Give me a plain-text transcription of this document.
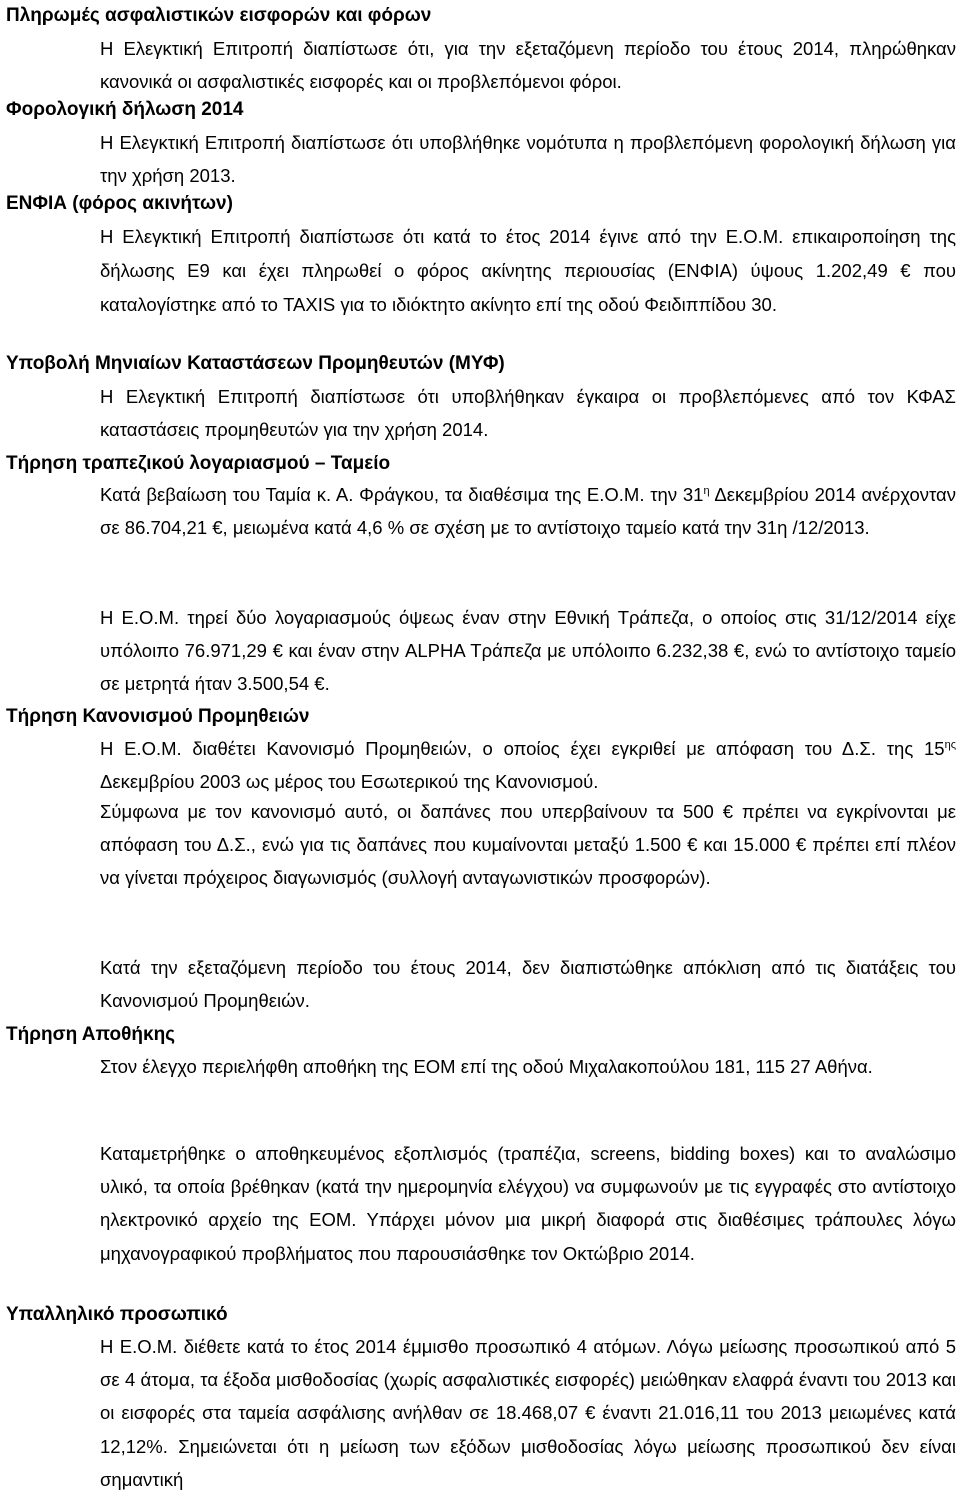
Πληρωμές ασφαλιστικών εισφορών και φόρων
Η Ελεγκτική Επιτροπή διαπίστωσε ότι, για την εξεταζόμενη περίοδο του έτους 2014, πληρώθηκαν κανονικά οι ασφαλιστικές εισφορές και οι προβλεπόμενοι φόροι.
Φορολογική δήλωση 2014
Η Ελεγκτική Επιτροπή διαπίστωσε ότι υποβλήθηκε νομότυπα η προβλεπόμενη φορολογική δήλωση για την χρήση 2013.
ΕΝΦΙΑ (φόρος ακινήτων)
Η Ελεγκτική Επιτροπή διαπίστωσε ότι κατά το έτος 2014 έγινε από την Ε.Ο.Μ. επικαιροποίηση της δήλωσης Ε9 και έχει πληρωθεί ο φόρος ακίνητης περιουσίας (ΕΝΦΙΑ) ύψους 1.202,49 € που καταλογίστηκε από το TAXIS για το ιδιόκτητο ακίνητο επί της οδού Φειδιππίδου 30.
Υποβολή Μηνιαίων Καταστάσεων Προμηθευτών (ΜΥΦ)
Η Ελεγκτική Επιτροπή διαπίστωσε ότι υποβλήθηκαν έγκαιρα οι προβλεπόμενες από τον ΚΦΑΣ καταστάσεις προμηθευτών για την χρήση 2014.
Τήρηση τραπεζικού λογαριασμού – Ταμείο
Κατά βεβαίωση του Ταμία κ. Α. Φράγκου, τα διαθέσιμα της Ε.Ο.Μ. την $31^\eta$ Δεκεμβρίου 2014 ανέρχονταν σε 86.704,21 €, μειωμένα κατά 4,6 % σε σχέση με το αντίστοιχο ταμείο κατά την 31η /12/2013.
Η Ε.Ο.Μ. τηρεί δύο λογαριασμούς όψεως έναν στην Εθνική Τράπεζα, ο οποίος στις 31/12/2014 είχε υπόλοιπο 76.971,29 € και έναν στην ALPHA Τράπεζα με υπόλοιπο 6.232,38 €, ενώ το αντίστοιχο ταμείο σε μετρητά ήταν 3.500,54 €.
Τήρηση Κανονισμού Προμηθειών
Η Ε.Ο.Μ. διαθέτει Κανονισμό Προμηθειών, ο οποίος έχει εγκριθεί με απόφαση του Δ.Σ. της $15^{\eta\varsigma}$ Δεκεμβρίου 2003 ως μέρος του Εσωτερικού της Κανονισμού.
Σύμφωνα με τον κανονισμό αυτό, οι δαπάνες που υπερβαίνουν τα 500 € πρέπει να εγκρίνονται με απόφαση του Δ.Σ., ενώ για τις δαπάνες που κυμαίνονται μεταξύ 1.500 € και 15.000 € πρέπει επί πλέον να γίνεται πρόχειρος διαγωνισμός (συλλογή ανταγωνιστικών προσφορών).
Κατά την εξεταζόμενη περίοδο του έτους 2014, δεν διαπιστώθηκε απόκλιση από τις διατάξεις του Κανονισμού Προμηθειών.
Τήρηση Αποθήκης
Στον έλεγχο περιελήφθη αποθήκη της ΕΟΜ επί της οδού Μιχαλακοπούλου 181, 115 27 Αθήνα.
Καταμετρήθηκε ο αποθηκευμένος εξοπλισμός (τραπέζια, screens, bidding boxes) και το αναλώσιμο υλικό, τα οποία βρέθηκαν (κατά την ημερομηνία ελέγχου) να συμφωνούν με τις εγγραφές στο αντίστοιχο ηλεκτρονικό αρχείο της ΕΟΜ. Υπάρχει μόνον μια μικρή διαφορά στις διαθέσιμες τράπουλες λόγω μηχανογραφικού προβλήματος που παρουσιάσθηκε τον Οκτώβριο 2014.
Υπαλληλικό προσωπικό
Η Ε.Ο.Μ. διέθετε κατά το έτος 2014 έμμισθο προσωπικό 4 ατόμων. Λόγω μείωσης προσωπικού από 5 σε 4 άτομα, τα έξοδα μισθοδοσίας (χωρίς ασφαλιστικές εισφορές) μειώθηκαν ελαφρά έναντι του 2013 και οι εισφορές στα ταμεία ασφάλισης ανήλθαν σε 18.468,07 € έναντι 21.016,11 του 2013 μειωμένες κατά 12,12%. Σημειώνεται ότι η μείωση των εξόδων μισθοδοσίας λόγω μείωσης προσωπικού δεν είναι σημαντική
